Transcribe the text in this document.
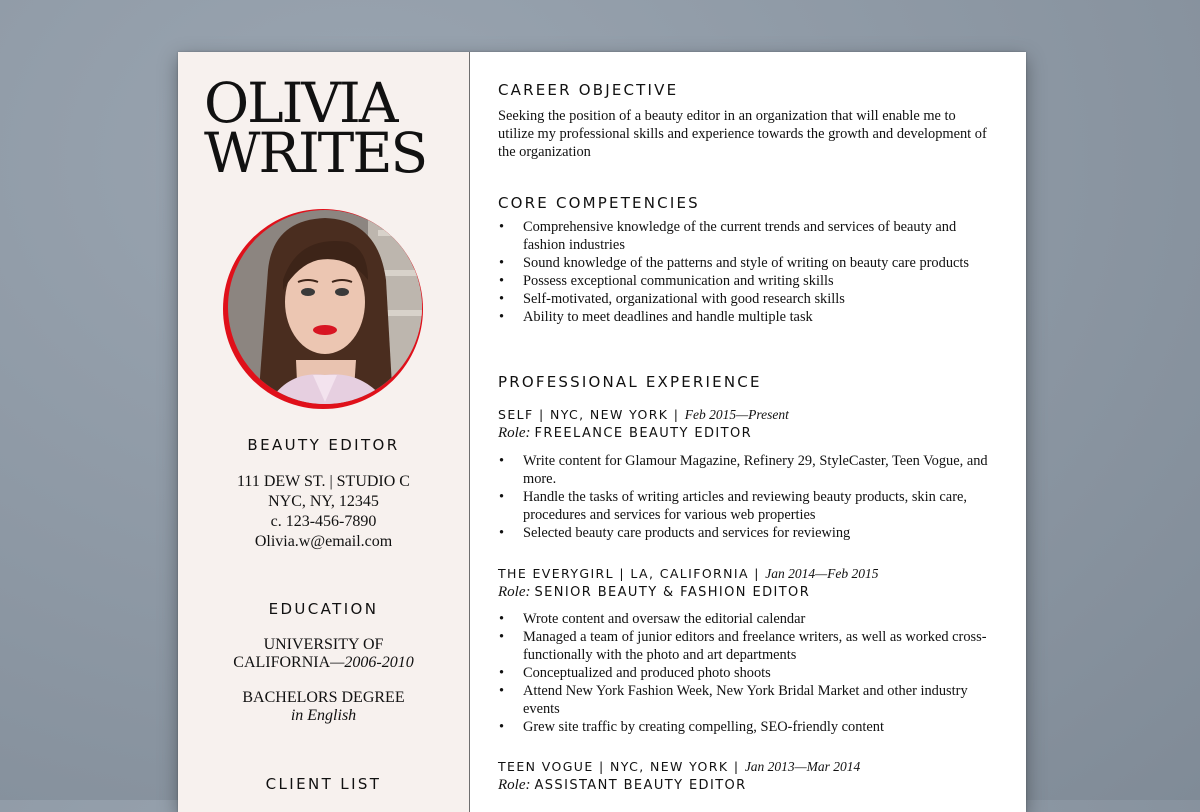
OLIVIA
WRITES
BEAUTY EDITOR
111 DEW ST. | STUDIO C
NYC, NY, 12345
c. 123-456-7890
Olivia.w@email.com
EDUCATION
UNIVERSITY OF
CALIFORNIA—2006-2010
BACHELORS DEGREE
in English
CLIENT LIST
CAREER OBJECTIVE

Seeking the position of a beauty editor in an organization that will enable me to utilize my professional skills and experience towards the growth and development of the organization

CORE COMPETENCIES
• Comprehensive knowledge of the current trends and services of beauty and fashion industries
• Sound knowledge of the patterns and style of writing on beauty care products
• Possess exceptional communication and writing skills
• Self-motivated, organizational with good research skills
• Ability to meet deadlines and handle multiple task
PROFESSIONAL EXPERIENCE
SELF | NYC, NEW YORK | Feb 2015—Present
Role: FREELANCE BEAUTY EDITOR
• Write content for Glamour Magazine, Refinery 29, StyleCaster, Teen Vogue, and more.
• Handle the tasks of writing articles and reviewing beauty products, skin care, procedures and services for various web properties
• Selected beauty care products and services for reviewing
THE EVERYGIRL | LA, CALIFORNIA | Jan 2014—Feb 2015
Role: SENIOR BEAUTY & FASHION EDITOR
• Wrote content and oversaw the editorial calendar
• Managed a team of junior editors and freelance writers, as well as worked cross-functionally with the photo and art departments
• Conceptualized and produced photo shoots
• Attend New York Fashion Week, New York Bridal Market and other industry events
• Grew site traffic by creating compelling, SEO-friendly content
TEEN VOGUE | NYC, NEW YORK | Jan 2013—Mar 2014
Role: ASSISTANT BEAUTY EDITOR
